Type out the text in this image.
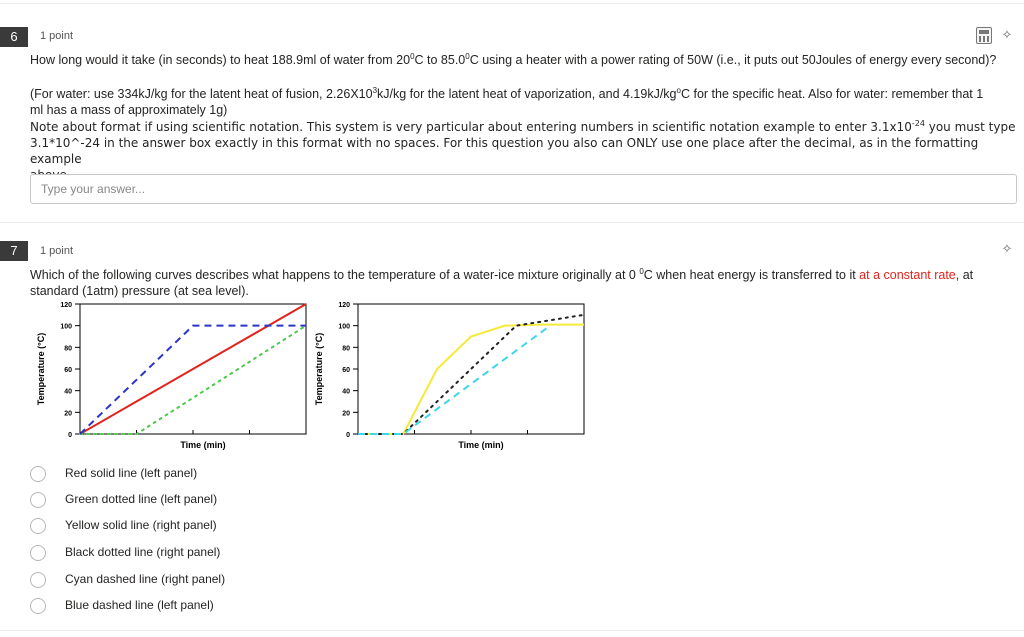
6	1 point	✧
How long would it take (in seconds) to heat 188.9ml of water from $20^0C$ to 85.0$^0$C using a heater with a power rating of 50W (i.e., it puts out 50Joules of energy every second)?
(For water: use 334kJ/kg for the latent heat of fusion, $2.26X10^3kJ/kg$ for the latent heat of vaporization, and $4.19kJ/kg^oC$ for the specific heat. Also for water: remember that 1
ml has a mass of approximately 1g)
Note about format if using scientific notation. This system is very particular about entering numbers in scientific notation example to enter $3.1x10^{-24}$ you must type
3.1*10^-24 in the answer box exactly in this format with no spaces. For this question you also can ONLY use one place after the decimal, as in the formatting example

Type your answer...
7	1 point	✧
Which of the following curves describes what happens to the temperature of a water-ice mixture originally at 0 $^0$C when heat energy is transferred to it at a constant rate, at
standard (1atm) pressure (at sea level).
0
20
40
60
80
100
120
Time (min)
Temperature (°C)
0
20
40
60
80
100
120
Time (min)
Temperature (°C)
Red solid line (left panel)
Green dotted line (left panel)
Yellow solid line (right panel)
Black dotted line (right panel)
Cyan dashed line (right panel)
Blue dashed line (left panel)
